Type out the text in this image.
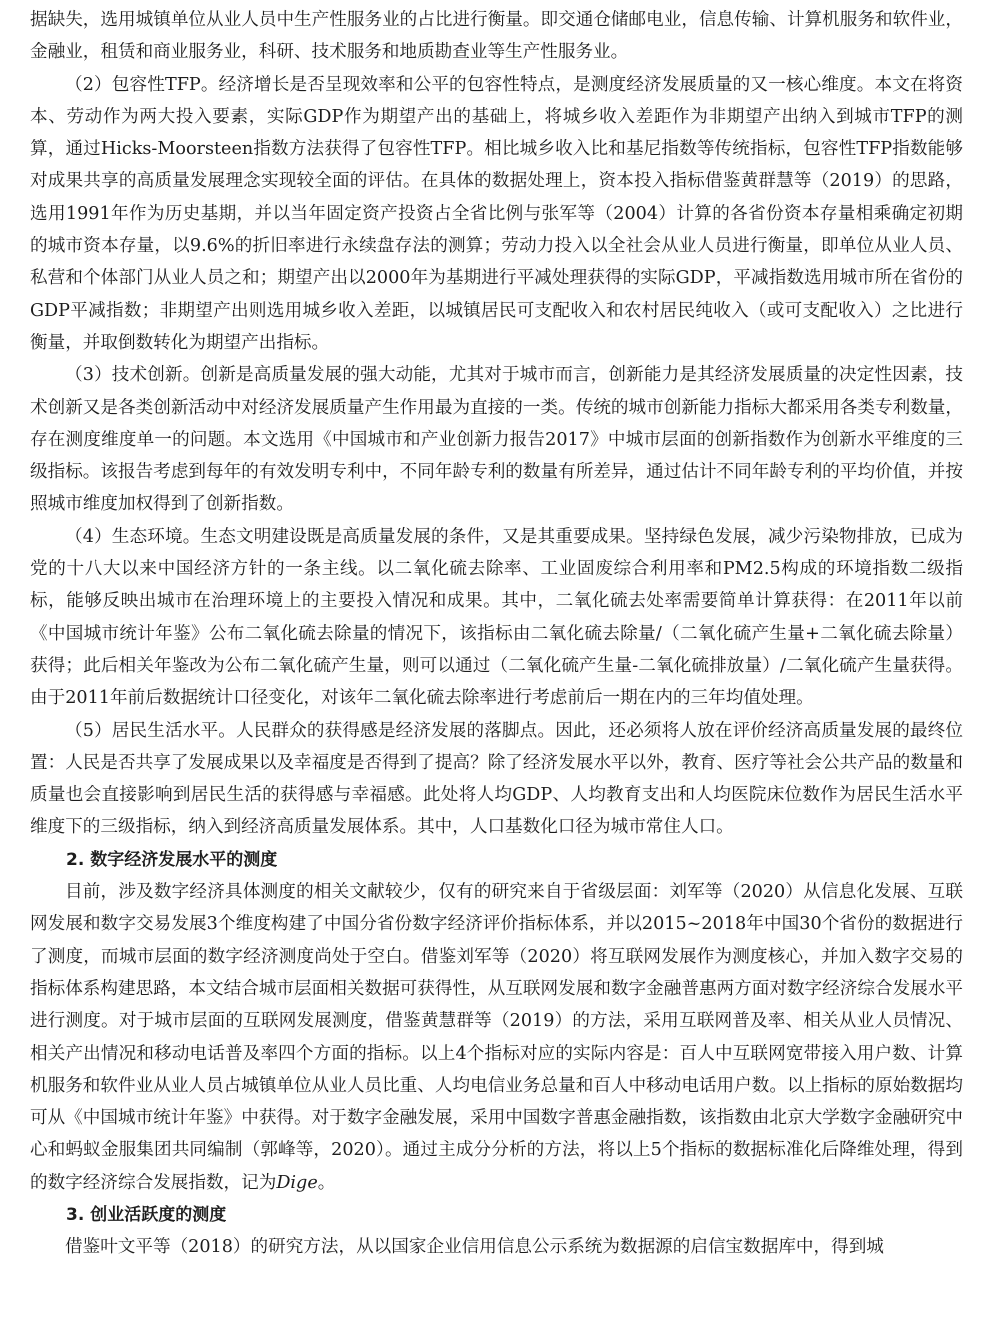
据缺失，选用城镇单位从业人员中生产性服务业的占比进行衡量。即交通仓储邮电业，信息传输、计算机服务和软件业，金融业，租赁和商业服务业，科研、技术服务和地质勘查业等生产性服务业。

（2）包容性TFP。经济增长是否呈现效率和公平的包容性特点，是测度经济发展质量的又一核心维度。本文在将资本、劳动作为两大投入要素，实际GDP作为期望产出的基础上，将城乡收入差距作为非期望产出纳入到城市TFP的测算，通过Hicks-Moorsteen指数方法获得了包容性TFP。相比城乡收入比和基尼指数等传统指标，包容性TFP指数能够对成果共享的高质量发展理念实现较全面的评估。在具体的数据处理上，资本投入指标借鉴黄群慧等（2019）的思路，选用1991年作为历史基期，并以当年固定资产投资占全省比例与张军等（2004）计算的各省份资本存量相乘确定初期的城市资本存量，以9.6%的折旧率进行永续盘存法的测算；劳动力投入以全社会从业人员进行衡量，即单位从业人员、私营和个体部门从业人员之和；期望产出以2000年为基期进行平减处理获得的实际GDP，平减指数选用城市所在省份的GDP平减指数；非期望产出则选用城乡收入差距，以城镇居民可支配收入和农村居民纯收入（或可支配收入）之比进行衡量，并取倒数转化为期望产出指标。

（3）技术创新。创新是高质量发展的强大动能，尤其对于城市而言，创新能力是其经济发展质量的决定性因素，技术创新又是各类创新活动中对经济发展质量产生作用最为直接的一类。传统的城市创新能力指标大都采用各类专利数量，存在测度维度单一的问题。本文选用《中国城市和产业创新力报告2017》中城市层面的创新指数作为创新水平维度的三级指标。该报告考虑到每年的有效发明专利中，不同年龄专利的数量有所差异，通过估计不同年龄专利的平均价值，并按照城市维度加权得到了创新指数。

（4）生态环境。生态文明建设既是高质量发展的条件，又是其重要成果。坚持绿色发展，减少污染物排放，已成为党的十八大以来中国经济方针的一条主线。以二氧化硫去除率、工业固废综合利用率和PM2.5构成的环境指数二级指标，能够反映出城市在治理环境上的主要投入情况和成果。其中，二氧化硫去处率需要简单计算获得：在2011年以前《中国城市统计年鉴》公布二氧化硫去除量的情况下，该指标由二氧化硫去除量/（二氧化硫产生量+二氧化硫去除量）获得；此后相关年鉴改为公布二氧化硫产生量，则可以通过（二氧化硫产生量-二氧化硫排放量）/二氧化硫产生量获得。由于2011年前后数据统计口径变化，对该年二氧化硫去除率进行考虑前后一期在内的三年均值处理。

（5）居民生活水平。人民群众的获得感是经济发展的落脚点。因此，还必须将人放在评价经济高质量发展的最终位置：人民是否共享了发展成果以及幸福度是否得到了提高？除了经济发展水平以外，教育、医疗等社会公共产品的数量和质量也会直接影响到居民生活的获得感与幸福感。此处将人均GDP、人均教育支出和人均医院床位数作为居民生活水平维度下的三级指标，纳入到经济高质量发展体系。其中，人口基数化口径为城市常住人口。

2. 数字经济发展水平的测度

目前，涉及数字经济具体测度的相关文献较少，仅有的研究来自于省级层面：刘军等（2020）从信息化发展、互联网发展和数字交易发展3个维度构建了中国分省份数字经济评价指标体系，并以2015~2018年中国30个省份的数据进行了测度，而城市层面的数字经济测度尚处于空白。借鉴刘军等（2020）将互联网发展作为测度核心，并加入数字交易的指标体系构建思路，本文结合城市层面相关数据可获得性，从互联网发展和数字金融普惠两方面对数字经济综合发展水平进行测度。对于城市层面的互联网发展测度，借鉴黄慧群等（2019）的方法，采用互联网普及率、相关从业人员情况、相关产出情况和移动电话普及率四个方面的指标。以上4个指标对应的实际内容是：百人中互联网宽带接入用户数、计算机服务和软件业从业人员占城镇单位从业人员比重、人均电信业务总量和百人中移动电话用户数。以上指标的原始数据均可从《中国城市统计年鉴》中获得。对于数字金融发展，采用中国数字普惠金融指数，该指数由北京大学数字金融研究中心和蚂蚁金服集团共同编制（郭峰等，2020）。通过主成分分析的方法，将以上5个指标的数据标准化后降维处理，得到的数字经济综合发展指数，记为Dige。

3. 创业活跃度的测度

借鉴叶文平等（2018）的研究方法，从以国家企业信用信息公示系统为数据源的启信宝数据库中，得到城
